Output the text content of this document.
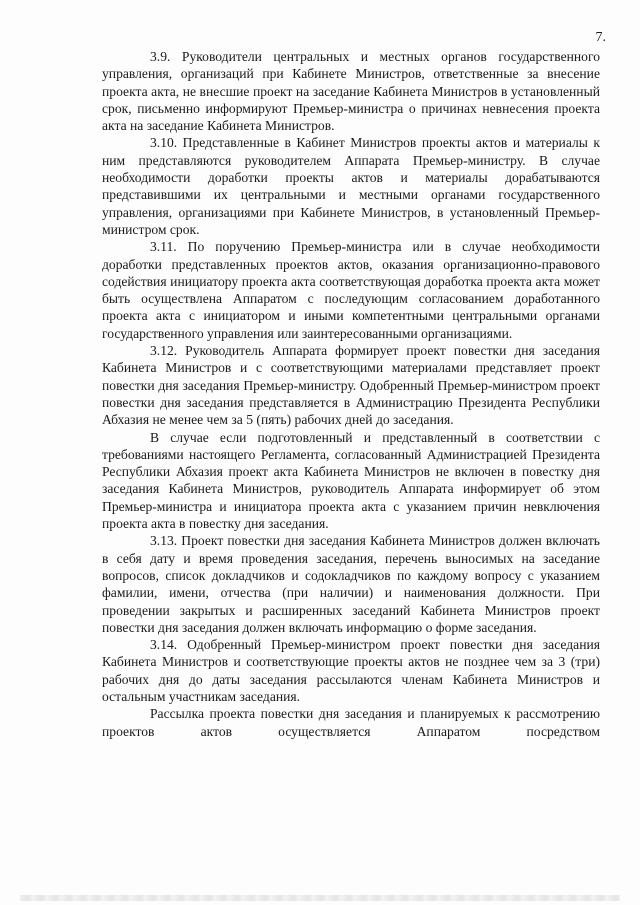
7.

3.9. Руководители центральных и местных органов государственного управления, организаций при Кабинете Министров, ответственные за внесение проекта акта, не внесшие проект на заседание Кабинета Министров в установленный срок, письменно информируют Премьер-министра о причинах невнесения проекта акта на заседание Кабинета Министров.

3.10. Представленные в Кабинет Министров проекты актов и материалы к ним представляются руководителем Аппарата Премьер-министру. В случае необходимости доработки проекты актов и материалы дорабатываются представившими их центральными и местными органами государственного управления, организациями при Кабинете Министров, в установленный Премьер-министром срок.

3.11. По поручению Премьер-министра или в случае необходимости доработки представленных проектов актов, оказания организационно-правового содействия инициатору проекта акта соответствующая доработка проекта акта может быть осуществлена Аппаратом с последующим согласованием доработанного проекта акта с инициатором и иными компетентными центральными органами государственного управления или заинтересованными организациями.

3.12. Руководитель Аппарата формирует проект повестки дня заседания Кабинета Министров и с соответствующими материалами представляет проект повестки дня заседания Премьер-министру. Одобренный Премьер-министром проект повестки дня заседания представляется в Администрацию Президента Республики Абхазия не менее чем за 5 (пять) рабочих дней до заседания.

В случае если подготовленный и представленный в соответствии с требованиями настоящего Регламента, согласованный Администрацией Президента Республики Абхазия проект акта Кабинета Министров не включен в повестку дня заседания Кабинета Министров, руководитель Аппарата информирует об этом Премьер-министра и инициатора проекта акта с указанием причин невключения проекта акта в повестку дня заседания.

3.13. Проект повестки дня заседания Кабинета Министров должен включать в себя дату и время проведения заседания, перечень выносимых на заседание вопросов, список докладчиков и содокладчиков по каждому вопросу с указанием фамилии, имени, отчества (при наличии) и наименования должности. При проведении закрытых и расширенных заседаний Кабинета Министров проект повестки дня заседания должен включать информацию о форме заседания.

3.14. Одобренный Премьер-министром проект повестки дня заседания Кабинета Министров и соответствующие проекты актов не позднее чем за 3 (три) рабочих дня до даты заседания рассылаются членам Кабинета Министров и остальным участникам заседания.

Рассылка проекта повестки дня заседания и планируемых к рассмотрению проектов актов осуществляется Аппаратом посредством
